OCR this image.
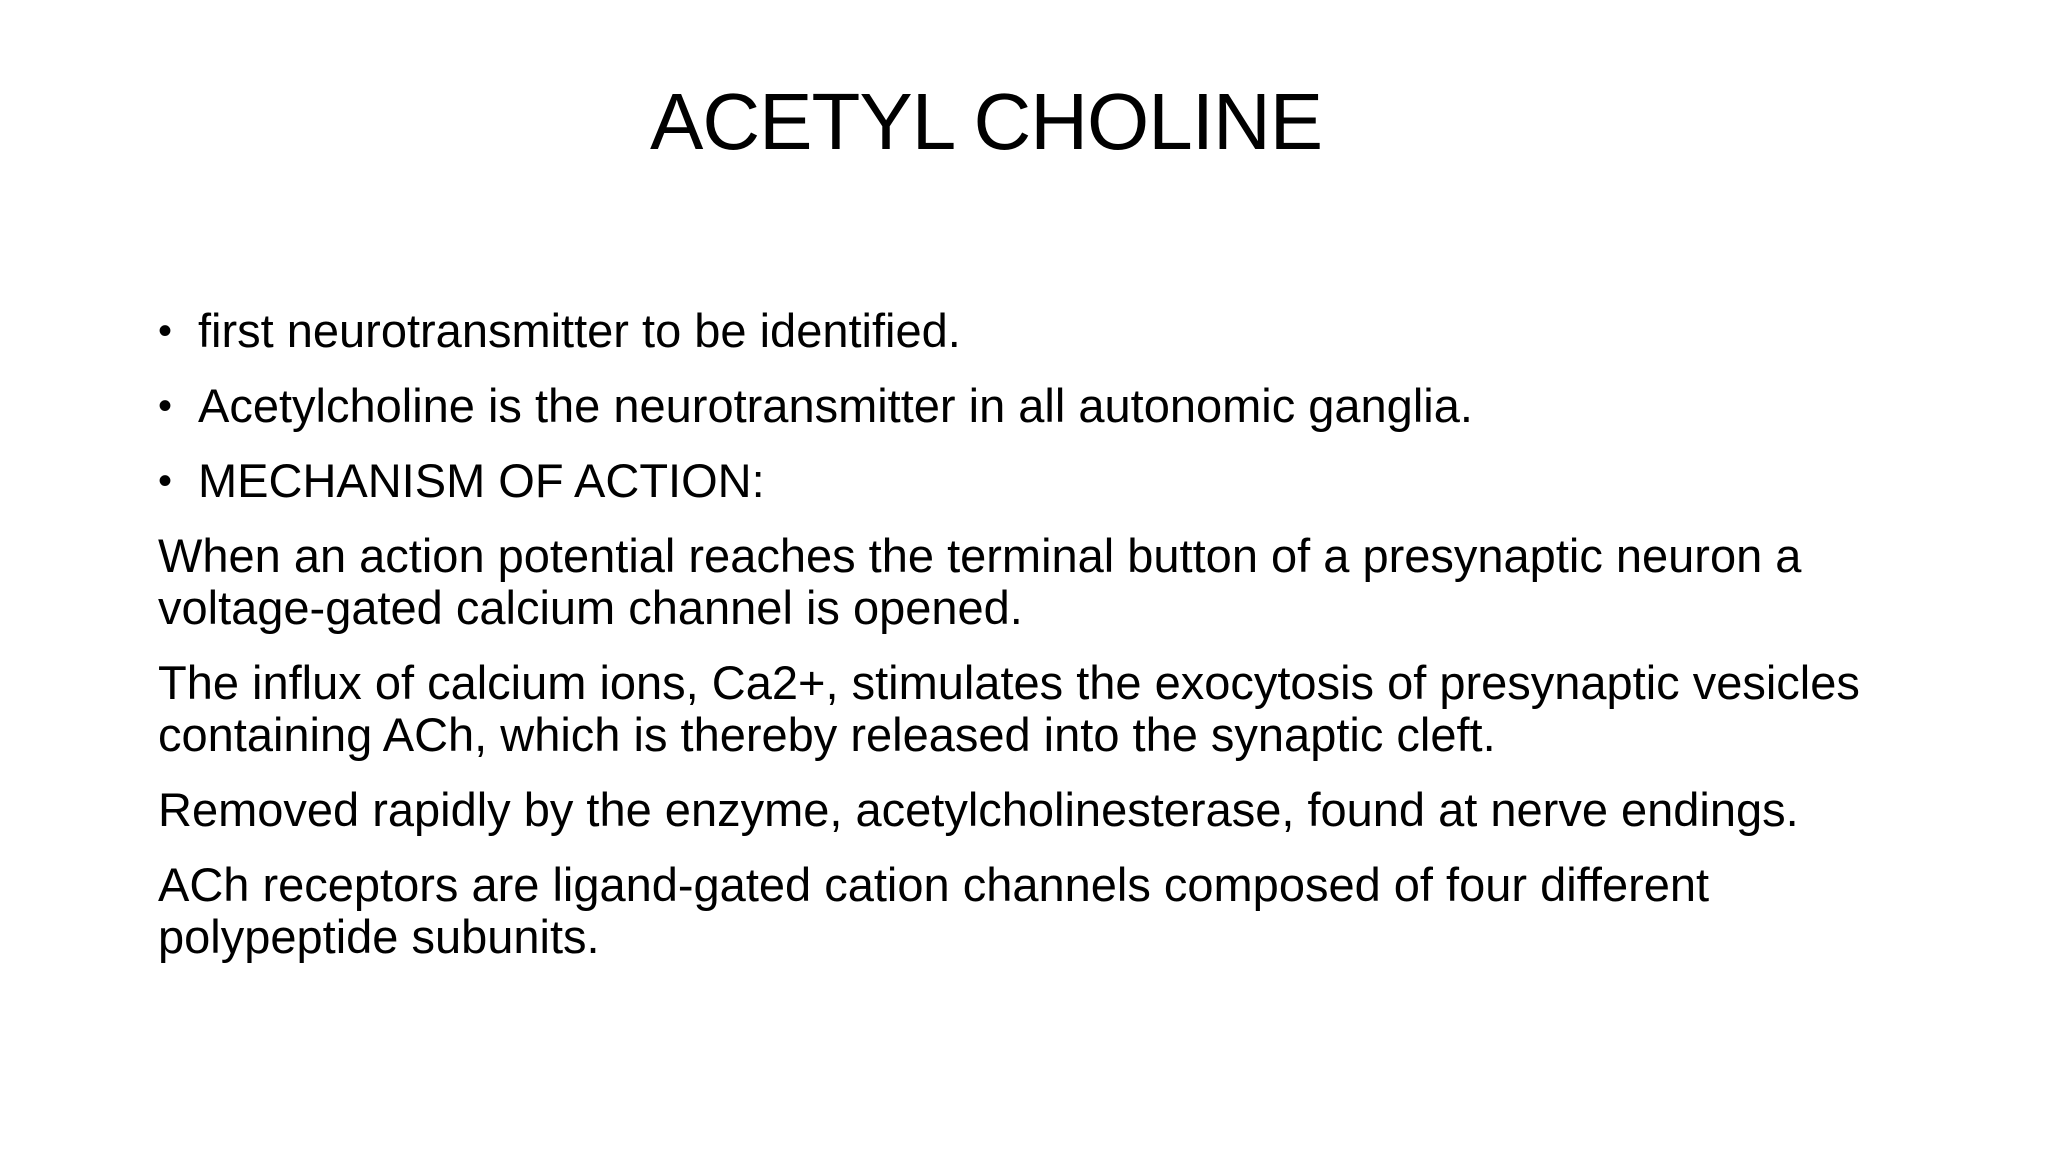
ACETYL CHOLINE
• first neurotransmitter to be identified.
• Acetylcholine is the neurotransmitter in all autonomic ganglia.
• MECHANISM OF ACTION:

When an action potential reaches the terminal button of a presynaptic neuron a voltage-gated calcium channel is opened.

The influx of calcium ions, Ca2+, stimulates the exocytosis of presynaptic vesicles containing ACh, which is thereby released into the synaptic cleft.

Removed rapidly by the enzyme, acetylcholinesterase, found at nerve endings.

ACh receptors are ligand-gated cation channels composed of four different polypeptide subunits.
